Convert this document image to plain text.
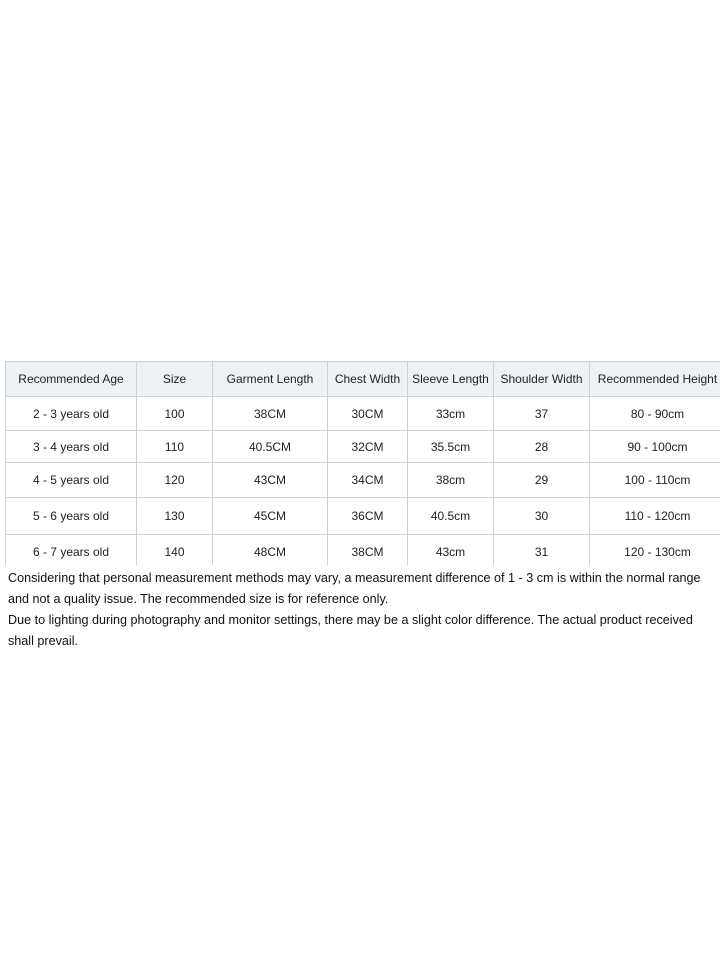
Recommended Age	Size	Garment Length	Chest Width	Sleeve Length	Shoulder Width	Recommended Height
2 - 3 years old	100	38CM	30CM	33cm	37	80 - 90cm
3 - 4 years old	110	40.5CM	32CM	35.5cm	28	90 - 100cm
4 - 5 years old	120	43CM	34CM	38cm	29	100 - 110cm
5 - 6 years old	130	45CM	36CM	40.5cm	30	110 - 120cm
6 - 7 years old	140	48CM	38CM	43cm	31	120 - 130cm

Considering that personal measurement methods may vary, a measurement difference of 1 - 3 cm is within the normal range and not a quality issue. The recommended size is for reference only.

Due to lighting during photography and monitor settings, there may be a slight color difference. The actual product received shall prevail.
